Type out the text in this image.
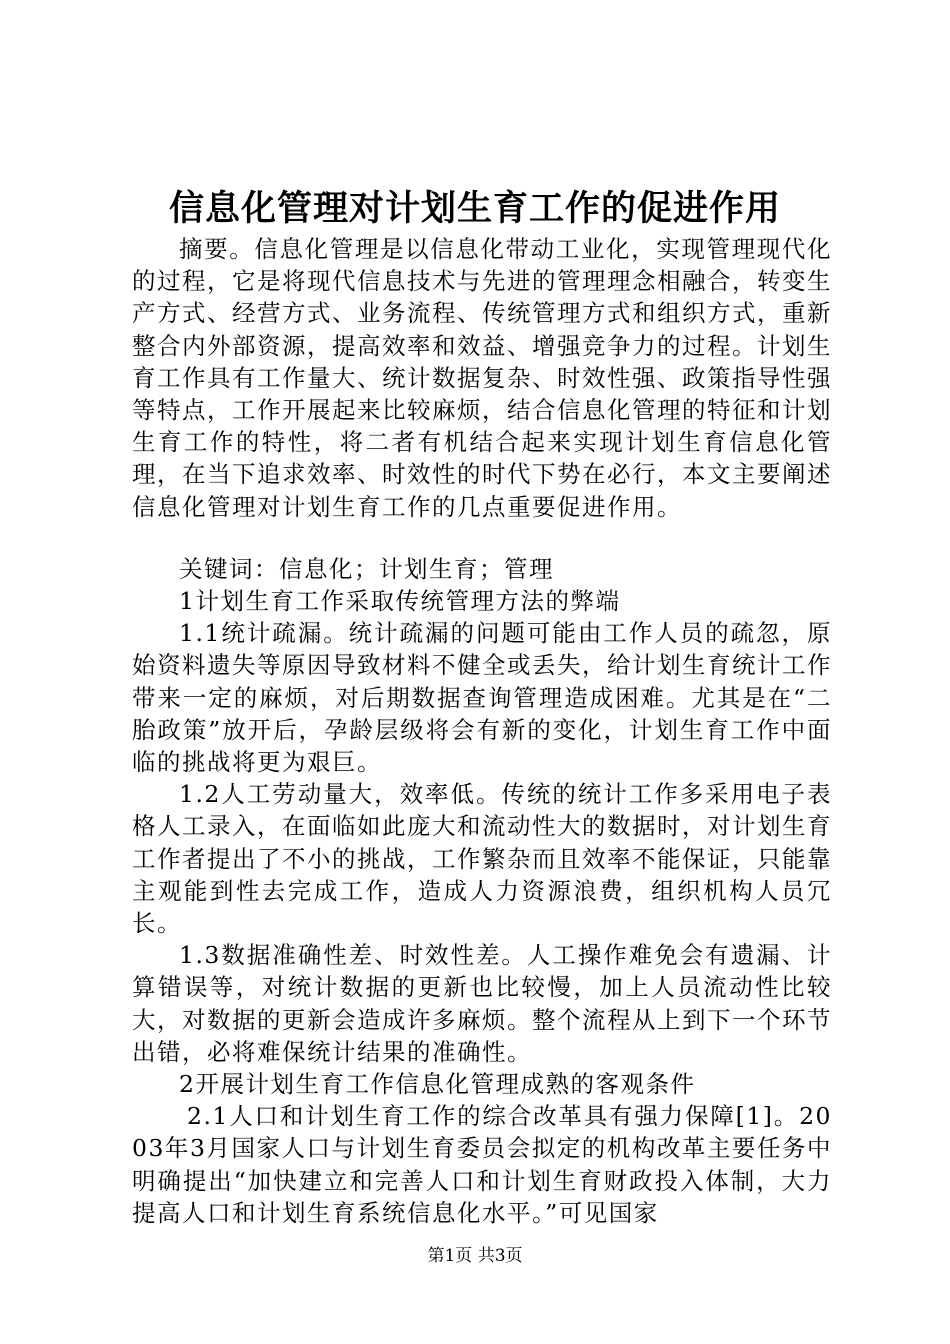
信息化管理对计划生育工作的促进作用

摘要。信息化管理是以信息化带动工业化，实现管理现代化的过程，它是将现代信息技术与先进的管理理念相融合，转变生产方式、经营方式、业务流程、传统管理方式和组织方式，重新整合内外部资源，提高效率和效益、增强竞争力的过程。计划生育工作具有工作量大、统计数据复杂、时效性强、政策指导性强等特点，工作开展起来比较麻烦，结合信息化管理的特征和计划生育工作的特性，将二者有机结合起来实现计划生育信息化管理，在当下追求效率、时效性的时代下势在必行，本文主要阐述信息化管理对计划生育工作的几点重要促进作用。

关键词：信息化；计划生育；管理

1计划生育工作采取传统管理方法的弊端

1.1统计疏漏。统计疏漏的问题可能由工作人员的疏忽，原始资料遗失等原因导致材料不健全或丢失，给计划生育统计工作带来一定的麻烦，对后期数据查询管理造成困难。尤其是在“二胎政策”放开后，孕龄层级将会有新的变化，计划生育工作中面临的挑战将更为艰巨。

1.2人工劳动量大，效率低。传统的统计工作多采用电子表格人工录入，在面临如此庞大和流动性大的数据时，对计划生育工作者提出了不小的挑战，工作繁杂而且效率不能保证，只能靠主观能到性去完成工作，造成人力资源浪费，组织机构人员冗长。

1.3数据准确性差、时效性差。人工操作难免会有遗漏、计算错误等，对统计数据的更新也比较慢，加上人员流动性比较大，对数据的更新会造成许多麻烦。整个流程从上到下一个环节出错，必将难保统计结果的准确性。

2开展计划生育工作信息化管理成熟的客观条件

2.1人口和计划生育工作的综合改革具有强力保障[1]。2003年3月国家人口与计划生育委员会拟定的机构改革主要任务中明确提出“加快建立和完善人口和计划生育财政投入体制，大力提高人口和计划生育系统信息化水平。”可见国家

第1页 共3页
